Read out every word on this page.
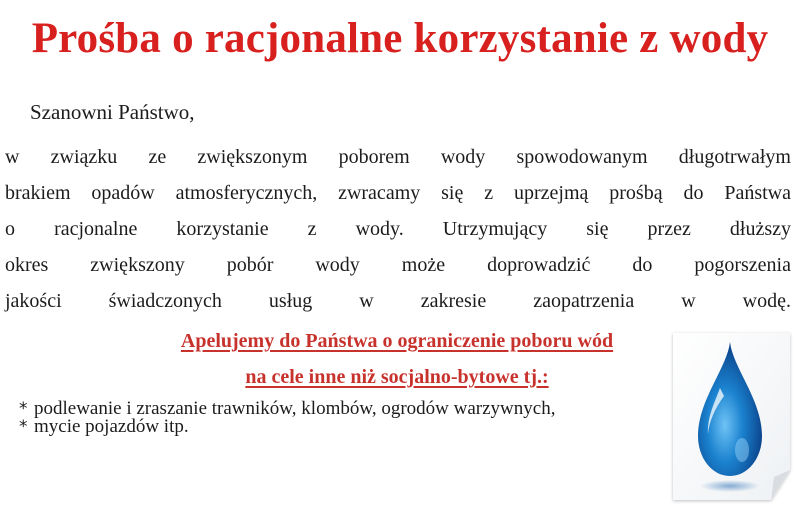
Prośba o racjonalne korzystanie z wody
Szanowni Państwo,
w związku ze zwiększonym poborem wody spowodowanym długotrwałym
brakiem opadów atmosferycznych, zwracamy się z uprzejmą prośbą do Państwa
o racjonalne korzystanie z wody. Utrzymujący się przez dłuższy
okres zwiększony pobór wody może doprowadzić do pogorszenia
jakości świadczonych usług w zakresie zaopatrzenia w wodę.
Apelujemy do Państwa o ograniczenie poboru wód
na cele inne niż socjalno-bytowe tj.:
* podlewanie i zraszanie trawników, klombów, ogrodów warzywnych,
* mycie pojazdów itp.
